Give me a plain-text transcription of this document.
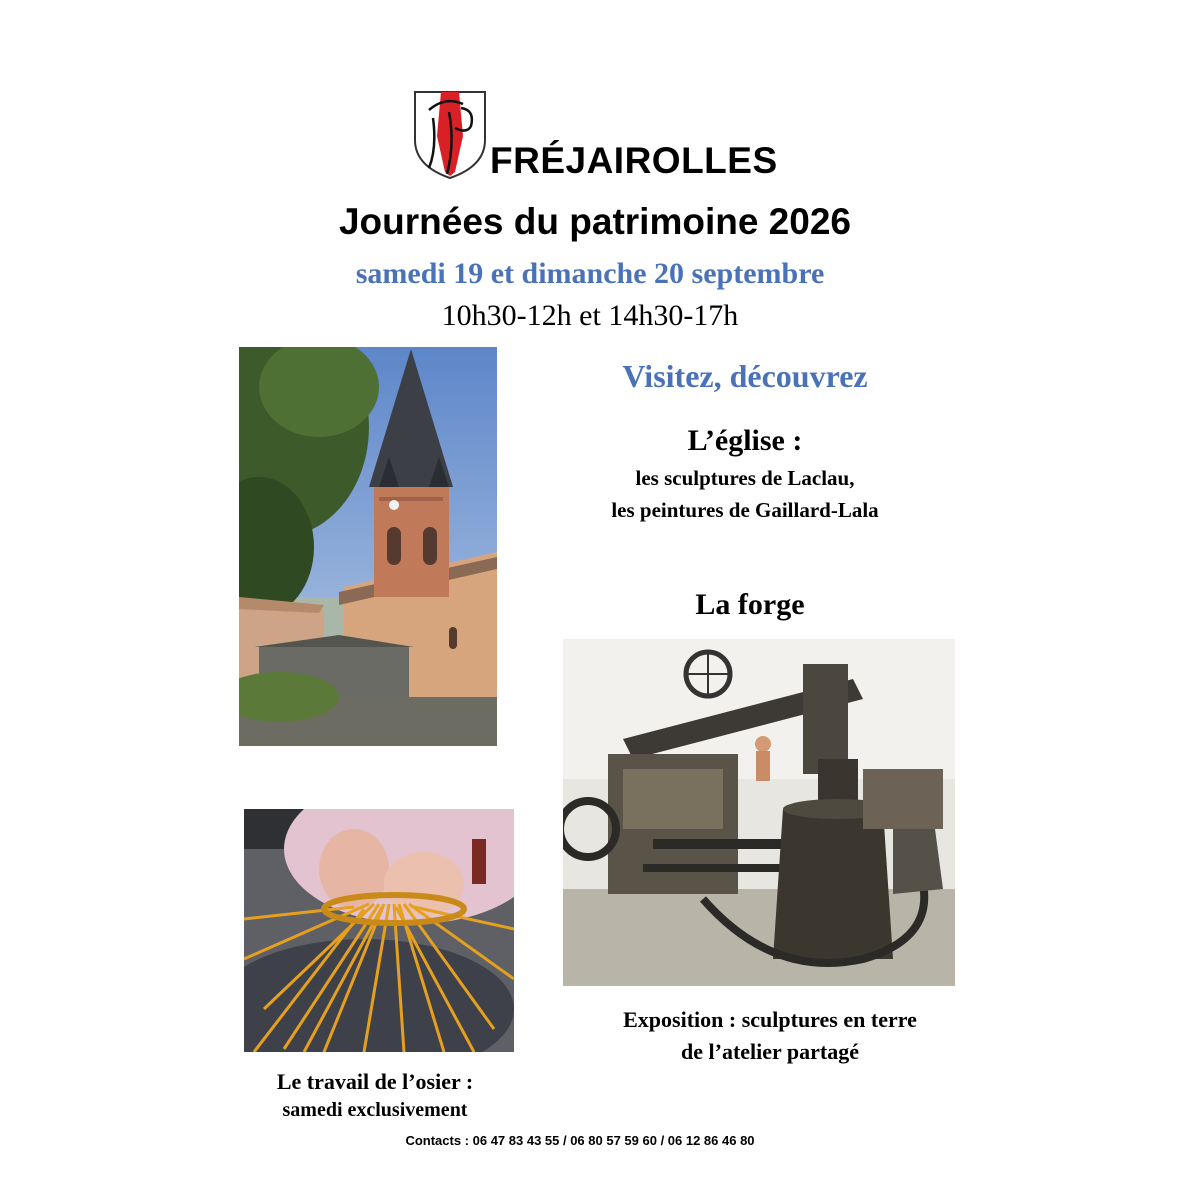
FRÉJAIROLLES
Journées du patrimoine 2026
samedi 19 et dimanche 20 septembre
10h30-12h et 14h30-17h
Visitez, découvrez
L’église :
les sculptures de Laclau,
les peintures de Gaillard-Lala
La forge
Exposition : sculptures en terre
de l’atelier partagé
Le travail de l’osier :
samedi exclusivement
Contacts : 06 47 83 43 55 / 06 80 57 59 60 / 06 12 86 46 80
